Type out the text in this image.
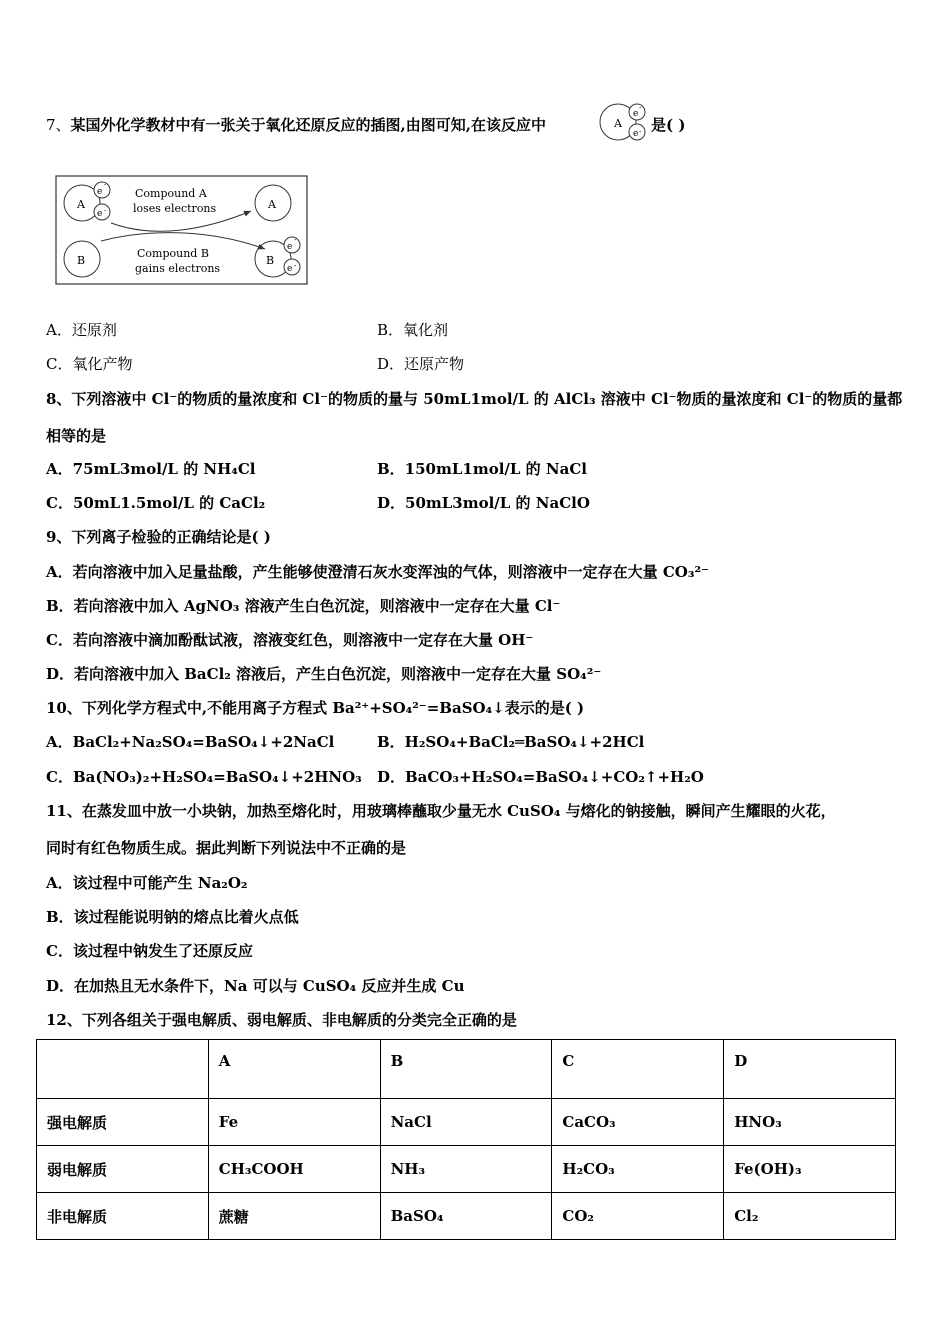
7、某国外化学教材中有一张关于氧化还原反应的插图,由图可知,在该反应中	A
e
-
e - 是( )
A
e
-
e -
Compound A
loses electrons	A
B
Compound B
gains electrons
B
e
-
e -
A．还原剂	B．氧化剂
C．氧化产物	D．还原产物
8、下列溶液中 Cl⁻的物质的量浓度和 Cl⁻的物质的量与 50mL1mol/L 的 AlCl₃ 溶液中 Cl⁻物质的量浓度和 Cl⁻的物质的量都
相等的是
A．75mL3mol/L 的 NH₄Cl	B．150mL1mol/L 的 NaCl
C．50mL1.5mol/L 的 CaCl₂	D．50mL3mol/L 的 NaClO
9、下列离子检验的正确结论是( )
A．若向溶液中加入足量盐酸，产生能够使澄清石灰水变浑浊的气体，则溶液中一定存在大量 CO₃²⁻
B．若向溶液中加入 AgNO₃ 溶液产生白色沉淀，则溶液中一定存在大量 Cl⁻
C．若向溶液中滴加酚酞试液，溶液变红色，则溶液中一定存在大量 OH⁻
D．若向溶液中加入 BaCl₂ 溶液后，产生白色沉淀，则溶液中一定存在大量 SO₄²⁻
10、下列化学方程式中,不能用离子方程式 Ba²⁺+SO₄²⁻=BaSO₄↓表示的是( )
A．BaCl₂+Na₂SO₄=BaSO₄↓+2NaCl	B．H₂SO₄+BaCl₂═BaSO₄↓+2HCl
C．Ba(NO₃)₂+H₂SO₄=BaSO₄↓+2HNO₃ D．BaCO₃+H₂SO₄=BaSO₄↓+CO₂↑+H₂O
11、在蒸发皿中放一小块钠，加热至熔化时，用玻璃棒蘸取少量无水 CuSO₄ 与熔化的钠接触，瞬间产生耀眼的火花，
同时有红色物质生成。据此判断下列说法中不正确的是
A．该过程中可能产生 Na₂O₂
B．该过程能说明钠的熔点比着火点低
C．该过程中钠发生了还原反应
D．在加热且无水条件下，Na 可以与 CuSO₄ 反应并生成 Cu
12、下列各组关于强电解质、弱电解质、非电解质的分类完全正确的是
	A	B	C	D
强电解质	Fe	NaCl	CaCO₃	HNO₃
弱电解质	CH₃COOH	NH₃	H₂CO₃	Fe(OH)₃
非电解质	蔗糖	BaSO₄	CO₂	Cl₂
